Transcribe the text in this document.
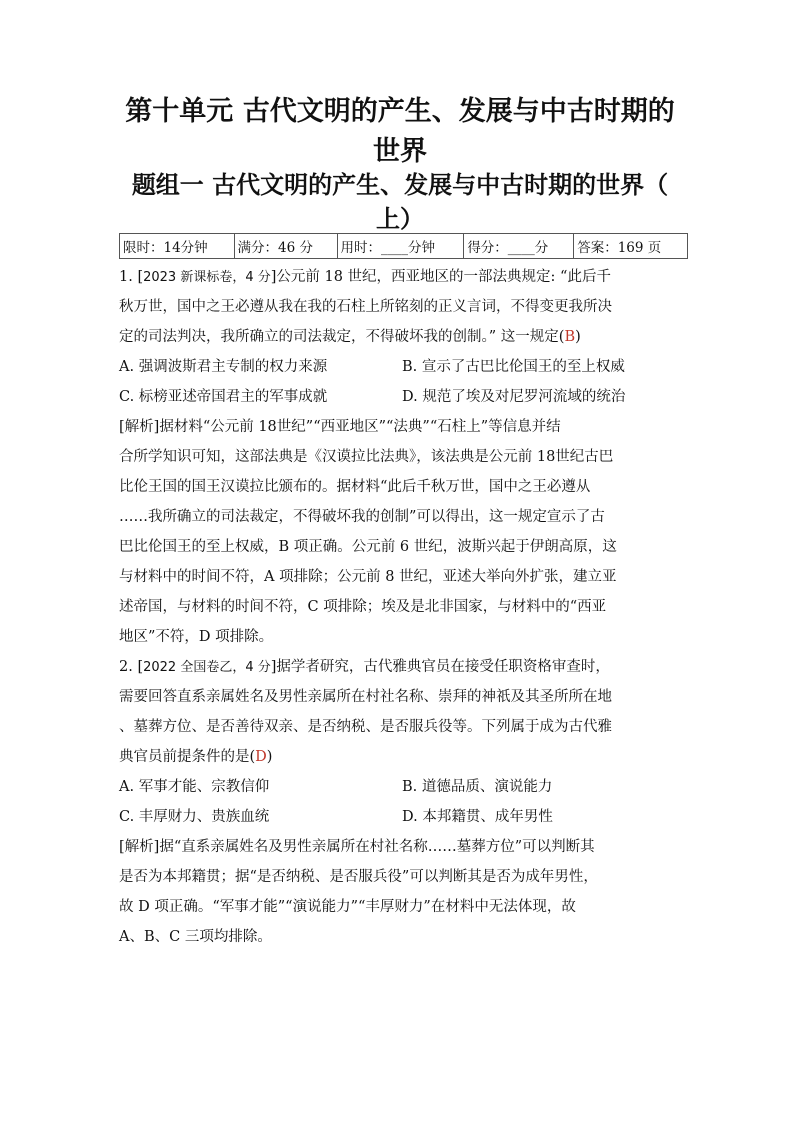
第十单元 古代文明的产生、发展与中古时期的
世界
题组一 古代文明的产生、发展与中古时期的世界（
上）
限时：14分钟	满分：46 分	用时：____分钟	得分：____分	答案：169 页
1. [2023 新课标卷，4 分]公元前 18 世纪，西亚地区的一部法典规定: “此后千
秋万世，国中之王必遵从我在我的石柱上所铭刻的正义言词，不得变更我所决
定的司法判决，我所确立的司法裁定，不得破坏我的创制。” 这一规定(B)
A. 强调波斯君主专制的权力来源	B. 宣示了古巴比伦国王的至上权威
C. 标榜亚述帝国君主的军事成就	D. 规范了埃及对尼罗河流域的统治
[解析]据材料“公元前 18世纪”“西亚地区”“法典”“石柱上”等信息并结
合所学知识可知，这部法典是《汉谟拉比法典》，该法典是公元前 18世纪古巴
比伦王国的国王汉谟拉比颁布的。据材料“此后千秋万世，国中之王必遵从
……我所确立的司法裁定，不得破坏我的创制”可以得出，这一规定宣示了古
巴比伦国王的至上权威，B 项正确。公元前 6 世纪，波斯兴起于伊朗高原，这
与材料中的时间不符，A 项排除；公元前 8 世纪，亚述大举向外扩张，建立亚
述帝国，与材料的时间不符，C 项排除；埃及是北非国家，与材料中的“西亚
地区”不符，D 项排除。
2. [2022 全国卷乙，4 分]据学者研究，古代雅典官员在接受任职资格审查时，
需要回答直系亲属姓名及男性亲属所在村社名称、崇拜的神祇及其圣所所在地
、墓葬方位、是否善待双亲、是否纳税、是否服兵役等。下列属于成为古代雅
典官员前提条件的是(D)
A. 军事才能、宗教信仰	B. 道德品质、演说能力
C. 丰厚财力、贵族血统	D. 本邦籍贯、成年男性
[解析]据“直系亲属姓名及男性亲属所在村社名称……墓葬方位”可以判断其
是否为本邦籍贯；据“是否纳税、是否服兵役”可以判断其是否为成年男性，
故 D 项正确。“军事才能”“演说能力”“丰厚财力”在材料中无法体现，故
A、B、C 三项均排除。
